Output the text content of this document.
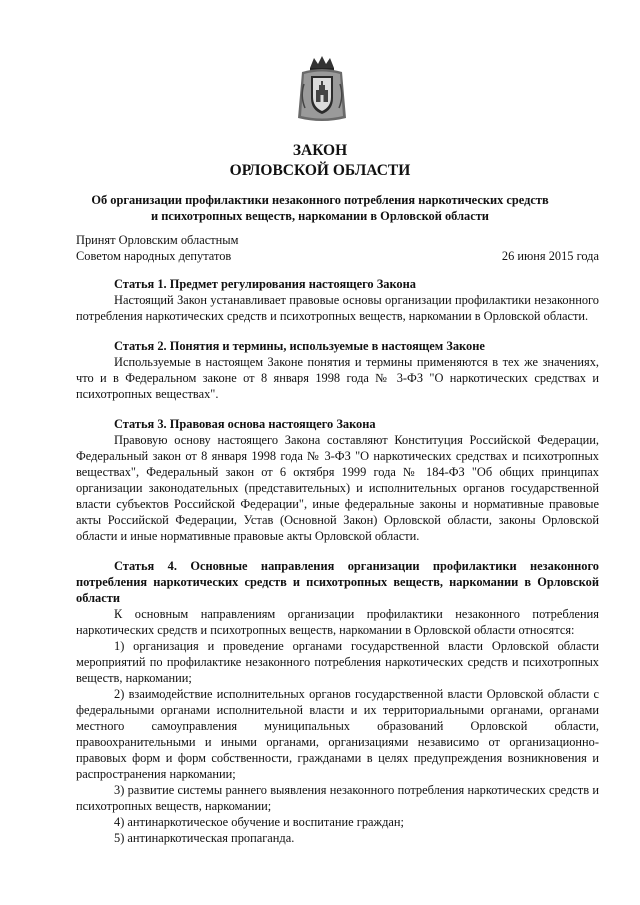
ЗАКОН
ОРЛОВСКОЙ ОБЛАСТИ

Об организации профилактики незаконного потребления наркотических средств и психотропных веществ, наркомании в Орловской области

Принят Орловским областным
Советом народных депутатов	26 июня 2015 года
Статья 1. Предмет регулирования настоящего Закона

Настоящий Закон устанавливает правовые основы организации профилактики незаконного потребления наркотических средств и психотропных веществ, наркомании в Орловской области.

Статья 2. Понятия и термины, используемые в настоящем Законе

Используемые в настоящем Законе понятия и термины применяются в тех же значениях, что и в Федеральном законе от 8 января 1998 года № 3-ФЗ "О наркотических средствах и психотропных веществах".

Статья 3. Правовая основа настоящего Закона

Правовую основу настоящего Закона составляют Конституция Российской Федерации, Федеральный закон от 8 января 1998 года № 3-ФЗ "О наркотических средствах и психотропных веществах", Федеральный закон от 6 октября 1999 года № 184-ФЗ "Об общих принципах организации законодательных (представительных) и исполнительных органов государственной власти субъектов Российской Федерации", иные федеральные законы и нормативные правовые акты Российской Федерации, Устав (Основной Закон) Орловской области, законы Орловской области и иные нормативные правовые акты Орловской области.

Статья 4. Основные направления организации профилактики незаконного потребления наркотических средств и психотропных веществ, наркомании в Орловской области

К основным направлениям организации профилактики незаконного потребления наркотических средств и психотропных веществ, наркомании в Орловской области относятся:

1) организация и проведение органами государственной власти Орловской области мероприятий по профилактике незаконного потребления наркотических средств и психотропных веществ, наркомании;

2) взаимодействие исполнительных органов государственной власти Орловской области с федеральными органами исполнительной власти и их территориальными органами, органами местного самоуправления муниципальных образований Орловской области, правоохранительными и иными органами, организациями независимо от организационно-правовых форм и форм собственности, гражданами в целях предупреждения возникновения и распространения наркомании;

3) развитие системы раннего выявления незаконного потребления наркотических средств и психотропных веществ, наркомании;

4) антинаркотическое обучение и воспитание граждан;

5) антинаркотическая пропаганда.
